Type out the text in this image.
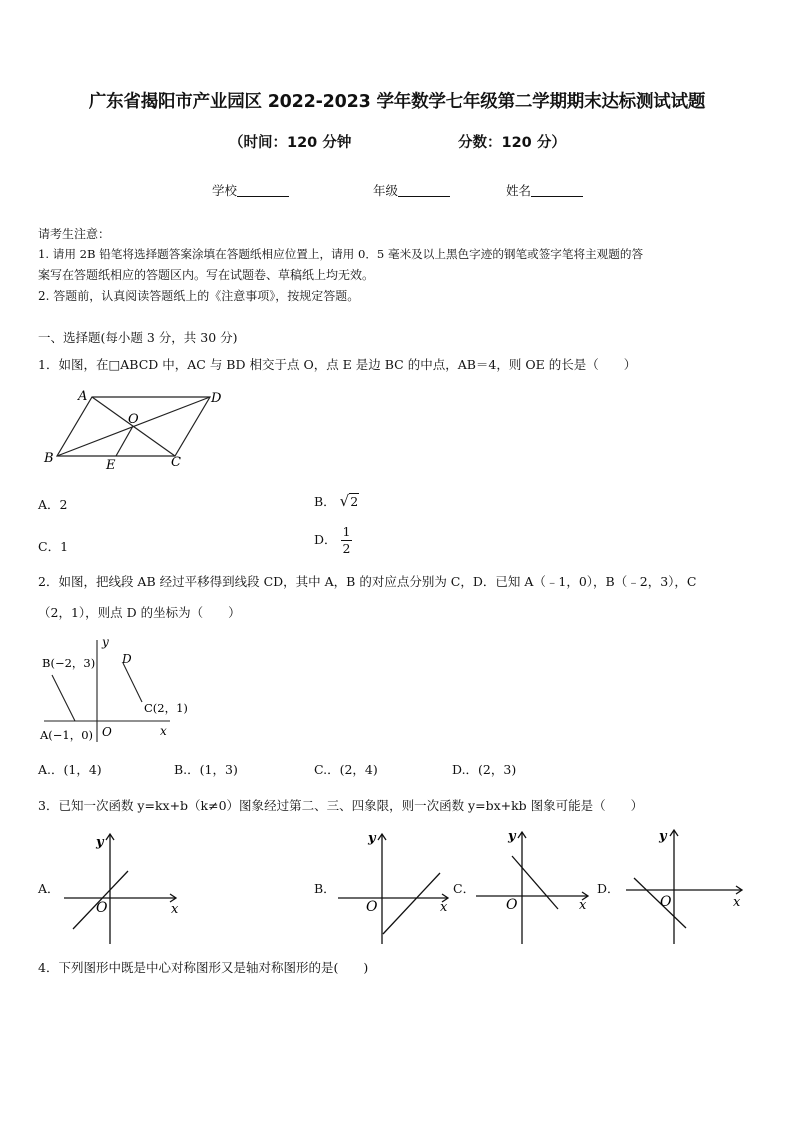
广东省揭阳市产业园区 2022-2023 学年数学七年级第二学期期末达标测试试题
（时间：120 分钟	分数：120 分）
学校	年级	姓名
请考生注意：
1. 请用 2B 铅笔将选择题答案涂填在答题纸相应位置上，请用 0．5 毫米及以上黑色字迹的钢笔或签字笔将主观题的答
案写在答题纸相应的答题区内。写在试题卷、草稿纸上均无效。
2. 答题前，认真阅读答题纸上的《注意事项》，按规定答题。
一、选择题(每小题 3 分，共 30 分)
1．如图，在□ABCD 中，AC 与 BD 相交于点 O，点 E 是边 BC 的中点，AB＝4，则 OE 的长是（　　）
A	D
O
B	E	C
A．2	B． √2
C．1	D． $\frac{1}{2}$
2．如图，把线段 AB 经过平移得到线段 CD，其中 A，B 的对应点分别为 C，D．已知 A（﹣1，0），B（﹣2，3），C
（2，1），则点 D 的坐标为（　　）
y
x
B(−2，3) D
C(2，1)
A(−1，0) O
A.．(1，4)	B.．(1，3)	C.．(2，4)	D.．(2，3)
3．已知一次函数 y=kx+b（k≠0）图象经过第二、三、四象限，则一次函数 y=bx+kb 图象可能是（　　）
A．
y
x
O
B．
y
x
O
C．
y
x
O
D．
y
x
O
4．下列图形中既是中心对称图形又是轴对称图形的是(　　)
